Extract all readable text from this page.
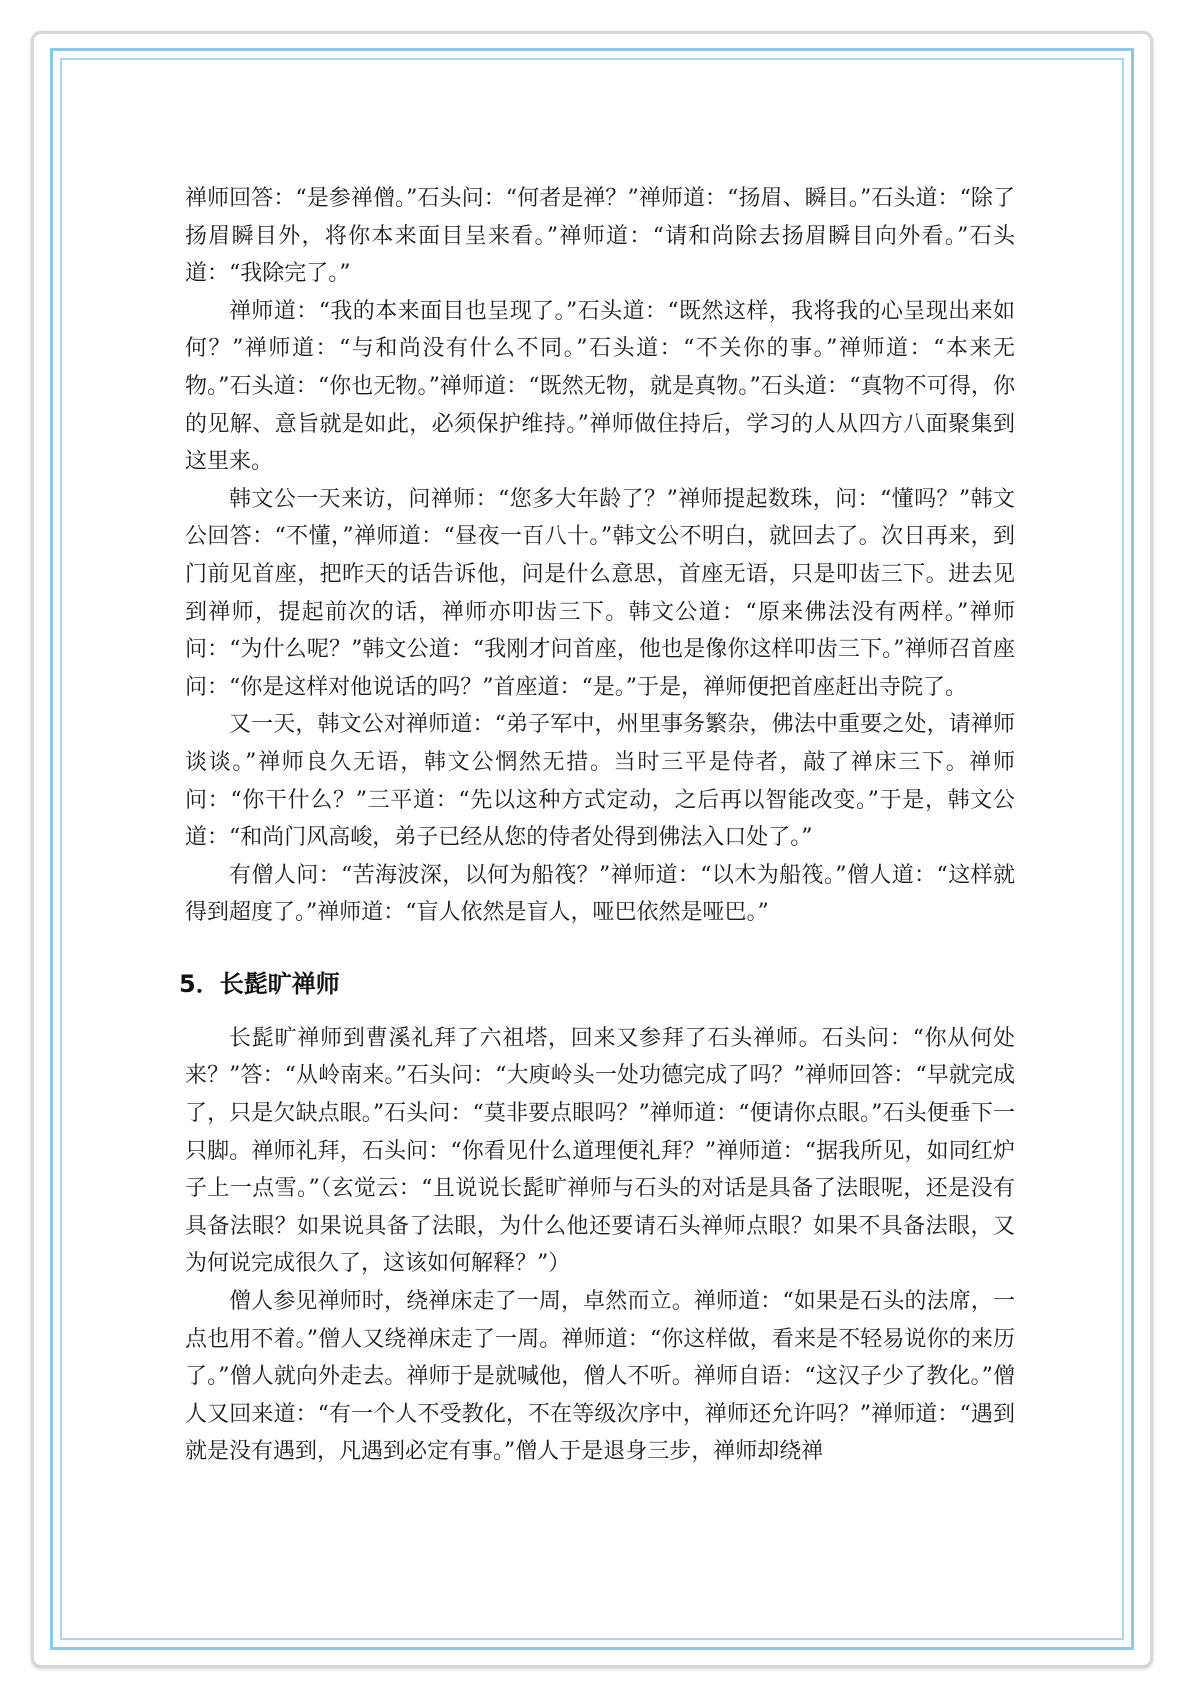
禅师回答：“是参禅僧。”石头问：“何者是禅？”禅师道：“扬眉、瞬目。”石头道：“除了扬眉瞬目外，将你本来面目呈来看。”禅师道：“请和尚除去扬眉瞬目向外看。”石头道：“我除完了。”

禅师道：“我的本来面目也呈现了。”石头道：“既然这样，我将我的心呈现出来如何？”禅师道：“与和尚没有什么不同。”石头道：“不关你的事。”禅师道：“本来无物。”石头道：“你也无物。”禅师道：“既然无物，就是真物。”石头道：“真物不可得，你的见解、意旨就是如此，必须保护维持。”禅师做住持后，学习的人从四方八面聚集到这里来。

韩文公一天来访，问禅师：“您多大年龄了？”禅师提起数珠，问：“懂吗？”韩文公回答：“不懂，”禅师道：“昼夜一百八十。”韩文公不明白，就回去了。次日再来，到门前见首座，把昨天的话告诉他，问是什么意思，首座无语，只是叩齿三下。进去见到禅师，提起前次的话，禅师亦叩齿三下。韩文公道：“原来佛法没有两样。”禅师问：“为什么呢？”韩文公道：“我刚才问首座，他也是像你这样叩齿三下。”禅师召首座问：“你是这样对他说话的吗？”首座道：“是。”于是，禅师便把首座赶出寺院了。

又一天，韩文公对禅师道：“弟子军中，州里事务繁杂，佛法中重要之处，请禅师谈谈。”禅师良久无语，韩文公惘然无措。当时三平是侍者，敲了禅床三下。禅师问：“你干什么？”三平道：“先以这种方式定动，之后再以智能改变。”于是，韩文公道：“和尚门风高峻，弟子已经从您的侍者处得到佛法入口处了。”

有僧人问：“苦海波深，以何为船筏？”禅师道：“以木为船筏。”僧人道：“这样就得到超度了。”禅师道：“盲人依然是盲人，哑巴依然是哑巴。”

5．长髭旷禅师

长髭旷禅师到曹溪礼拜了六祖塔，回来又参拜了石头禅师。石头问：“你从何处来？”答：“从岭南来。”石头问：“大庾岭头一处功德完成了吗？”禅师回答：“早就完成了，只是欠缺点眼。”石头问：“莫非要点眼吗？”禅师道：“便请你点眼。”石头便垂下一只脚。禅师礼拜，石头问：“你看见什么道理便礼拜？”禅师道：“据我所见，如同红炉子上一点雪。”（玄觉云：“且说说长髭旷禅师与石头的对话是具备了法眼呢，还是没有具备法眼？如果说具备了法眼，为什么他还要请石头禅师点眼？如果不具备法眼，又为何说完成很久了，这该如何解释？”）

僧人参见禅师时，绕禅床走了一周，卓然而立。禅师道：“如果是石头的法席，一点也用不着。”僧人又绕禅床走了一周。禅师道：“你这样做，看来是不轻易说你的来历了。”僧人就向外走去。禅师于是就喊他，僧人不听。禅师自语：“这汉子少了教化。”僧人又回来道：“有一个人不受教化，不在等级次序中，禅师还允许吗？”禅师道：“遇到就是没有遇到，凡遇到必定有事。”僧人于是退身三步，禅师却绕禅
